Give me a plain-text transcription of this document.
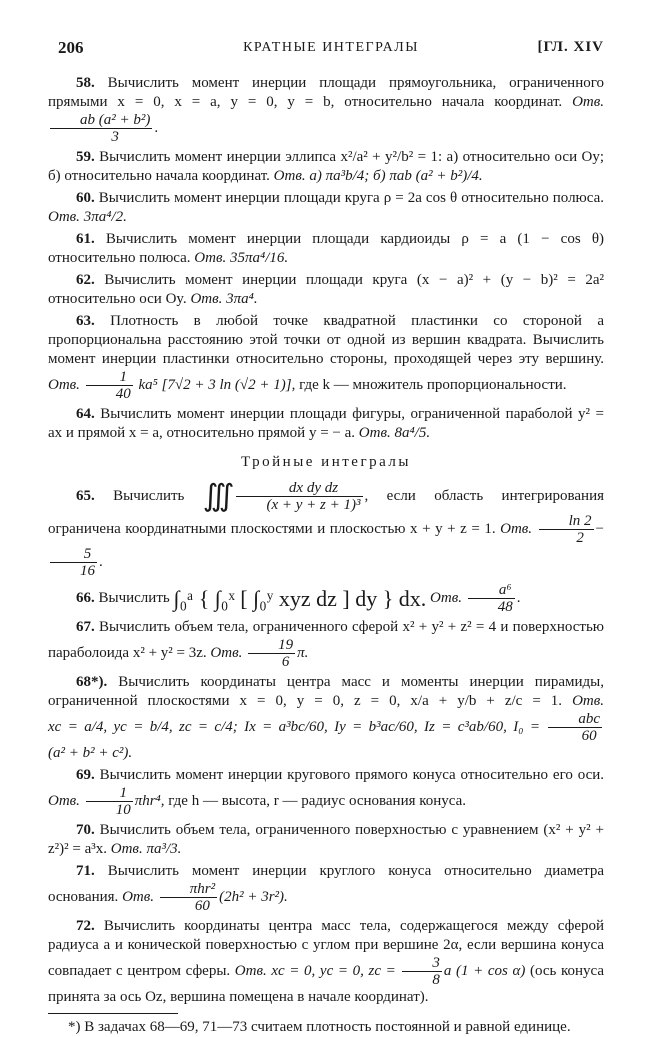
206	КРАТНЫЕ ИНТЕГРАЛЫ	[ГЛ. XIV

58. Вычислить момент инерции площади прямоугольника, ограниченного прямыми x = 0, x = a, y = 0, y = b, относительно начала координат. Отв.
$\frac{\text{ab (a² + b²)}}{3}$ .

59. Вычислить момент инерции эллипса x²/a² + y²/b² = 1: а) относительно оси Oy; б) относительно начала координат. Отв. а) πa³b/4; б) πab (a² + b²)/4.

60. Вычислить момент инерции площади круга ρ = 2a cos θ относительно полюса. Отв. 3πa⁴/2.

61. Вычислить момент инерции площади кардиоиды ρ = a (1 − cos θ) относительно полюса. Отв. 35πa⁴/16.

62. Вычислить момент инерции площади круга (x − a)² + (y − b)² = 2a² относительно оси Oy. Отв. 3πa⁴.

63. Плотность в любой точке квадратной пластинки со стороной a пропорциональна расстоянию этой точки от одной из вершин квадрата. Вычислить момент инерции пластинки относительно стороны, проходящей через эту вершину. Отв. $\frac{1}{40} ka^5$ [7√2 + 3 ln (√2 + 1)], где k — множитель пропорциональности.

64. Вычислить момент инерции площади фигуры, ограниченной параболой y² = ax и прямой x = a, относительно прямой y = − a. Отв. 8a⁴/5.

Тройные интегралы

65. Вычислить ∭ $\frac{\text{dx dy dz}}{\text{(x + y + z + 1)³}}$ , если область интегрирования ограничена координатными плоскостями и плоскостью x + y + z = 1. Отв. $\frac{\ln 2}{2}$ −
$\frac{5}{16}$ .

66. Вычислить ∫₀ᵃ { ∫₀ˣ [ ∫₀ʸ xyz dz ] dy } dx. Отв. $\frac{\text{a⁶}}{48}$ .

67. Вычислить объем тела, ограниченного сферой x² + y² + z² = 4 и поверхностью параболоида x² + y² = 3z. Отв. $\frac{19}{6} \pi$.

68*). Вычислить координаты центра масс и моменты инерции пирамиды, ограниченной плоскостями x = 0, y = 0, z = 0, x/a + y/b + z/c = 1. Отв. xc = a/4, yc = b/4, zc = c/4; Ix = a³bc/60, Iy = b³ac/60, Iz = c³ab/60, $I_0 = \frac{\text{abc}}{60}$
(a² + b² + c²).

69. Вычислить момент инерции кругового прямого конуса относительно его оси. Отв. $\frac{1}{10} \pi hr^4$, где h — высота, r — радиус основания конуса.

70. Вычислить объем тела, ограниченного поверхностью с уравнением (x² + y² + z²)² = a³x. Отв. πa³/3.

71. Вычислить момент инерции круглого конуса относительно диаметра основания. Отв. $\frac{\text{πhr²}}{60} (2h^2 + 3r^2)$.

72. Вычислить координаты центра масс тела, содержащегося между сферой радиуса a и конической поверхностью с углом при вершине 2α, если вершина конуса совпадает с центром сферы. Отв. xc = 0, yc = 0, zc = $\frac{3}{8}$ a (1 + cos α) (ось конуса принята за ось Oz, вершина помещена в начале координат).

*) В задачах 68—69, 71—73 считаем плотность постоянной и равной единице.
